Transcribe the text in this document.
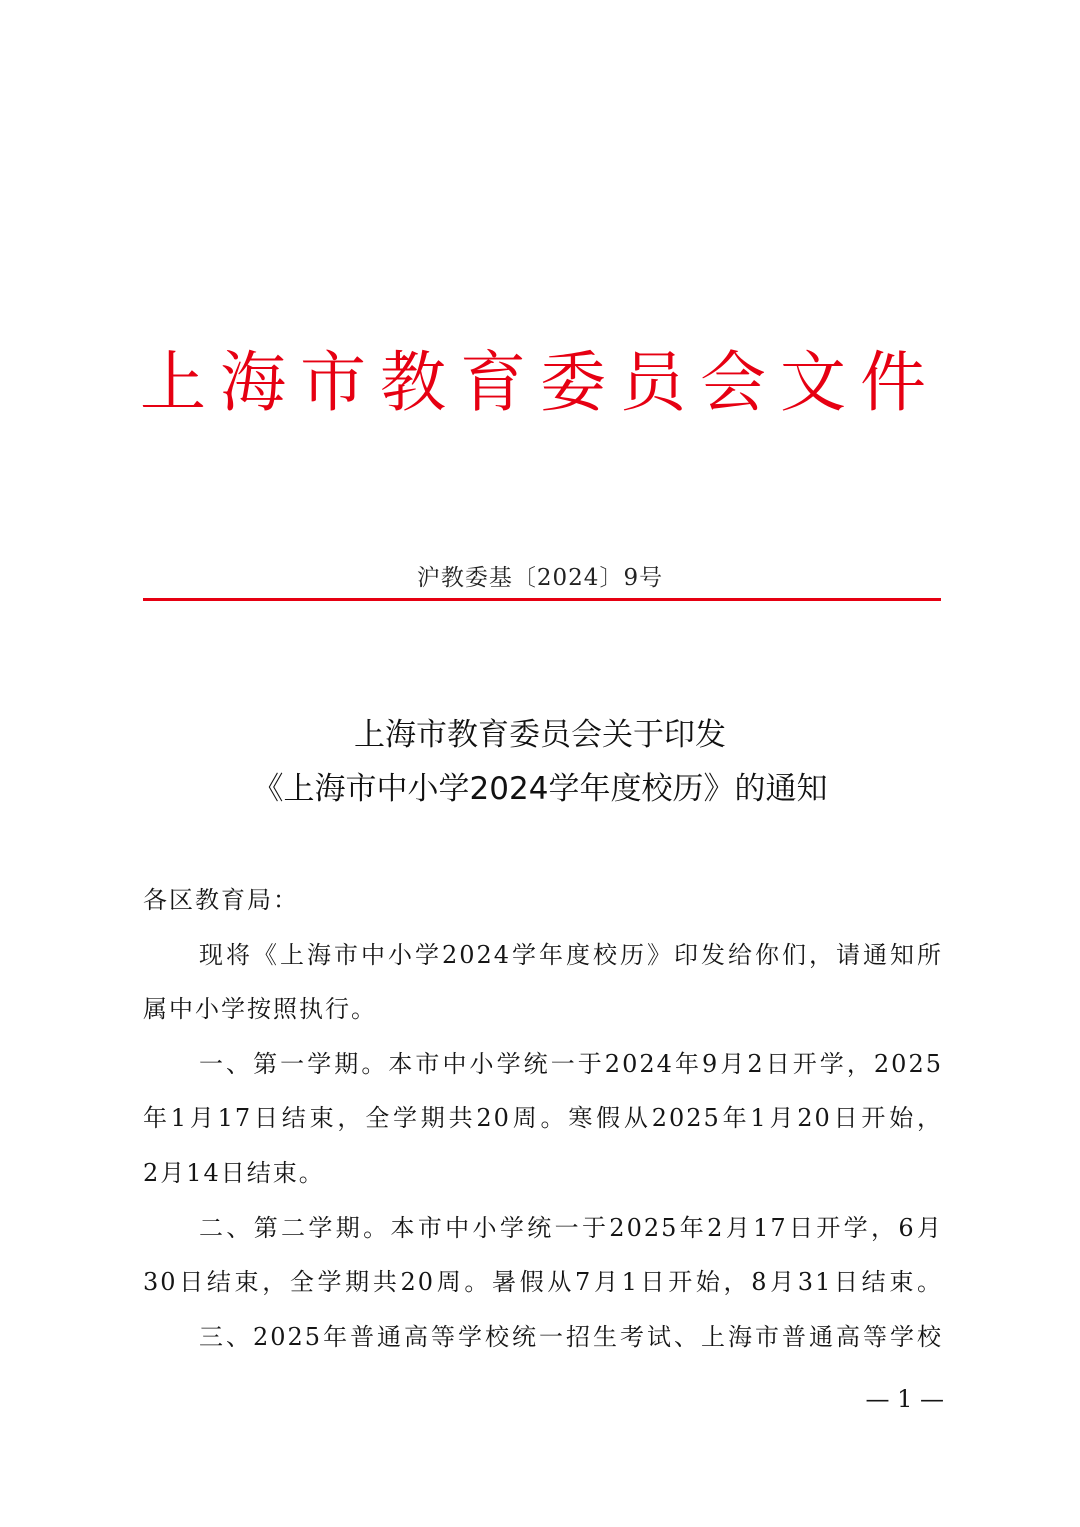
上海市教育委员会文件
沪教委基〔2024〕9号
上海市教育委员会关于印发
《上海市中小学2024学年度校历》的通知
各区教育局：
现将《上海市中小学2024学年度校历》印发给你们，请通知所
属中小学按照执行。
一、第一学期。本市中小学统一于2024年9月2日开学，2025
年1月17日结束，全学期共20周。寒假从2025年1月20日开始，
2月14日结束。
二、第二学期。本市中小学统一于2025年2月17日开学，6月
30日结束，全学期共20周。暑假从7月1日开始，8月31日结束。
三、2025年普通高等学校统一招生考试、上海市普通高等学校
— 1 —
